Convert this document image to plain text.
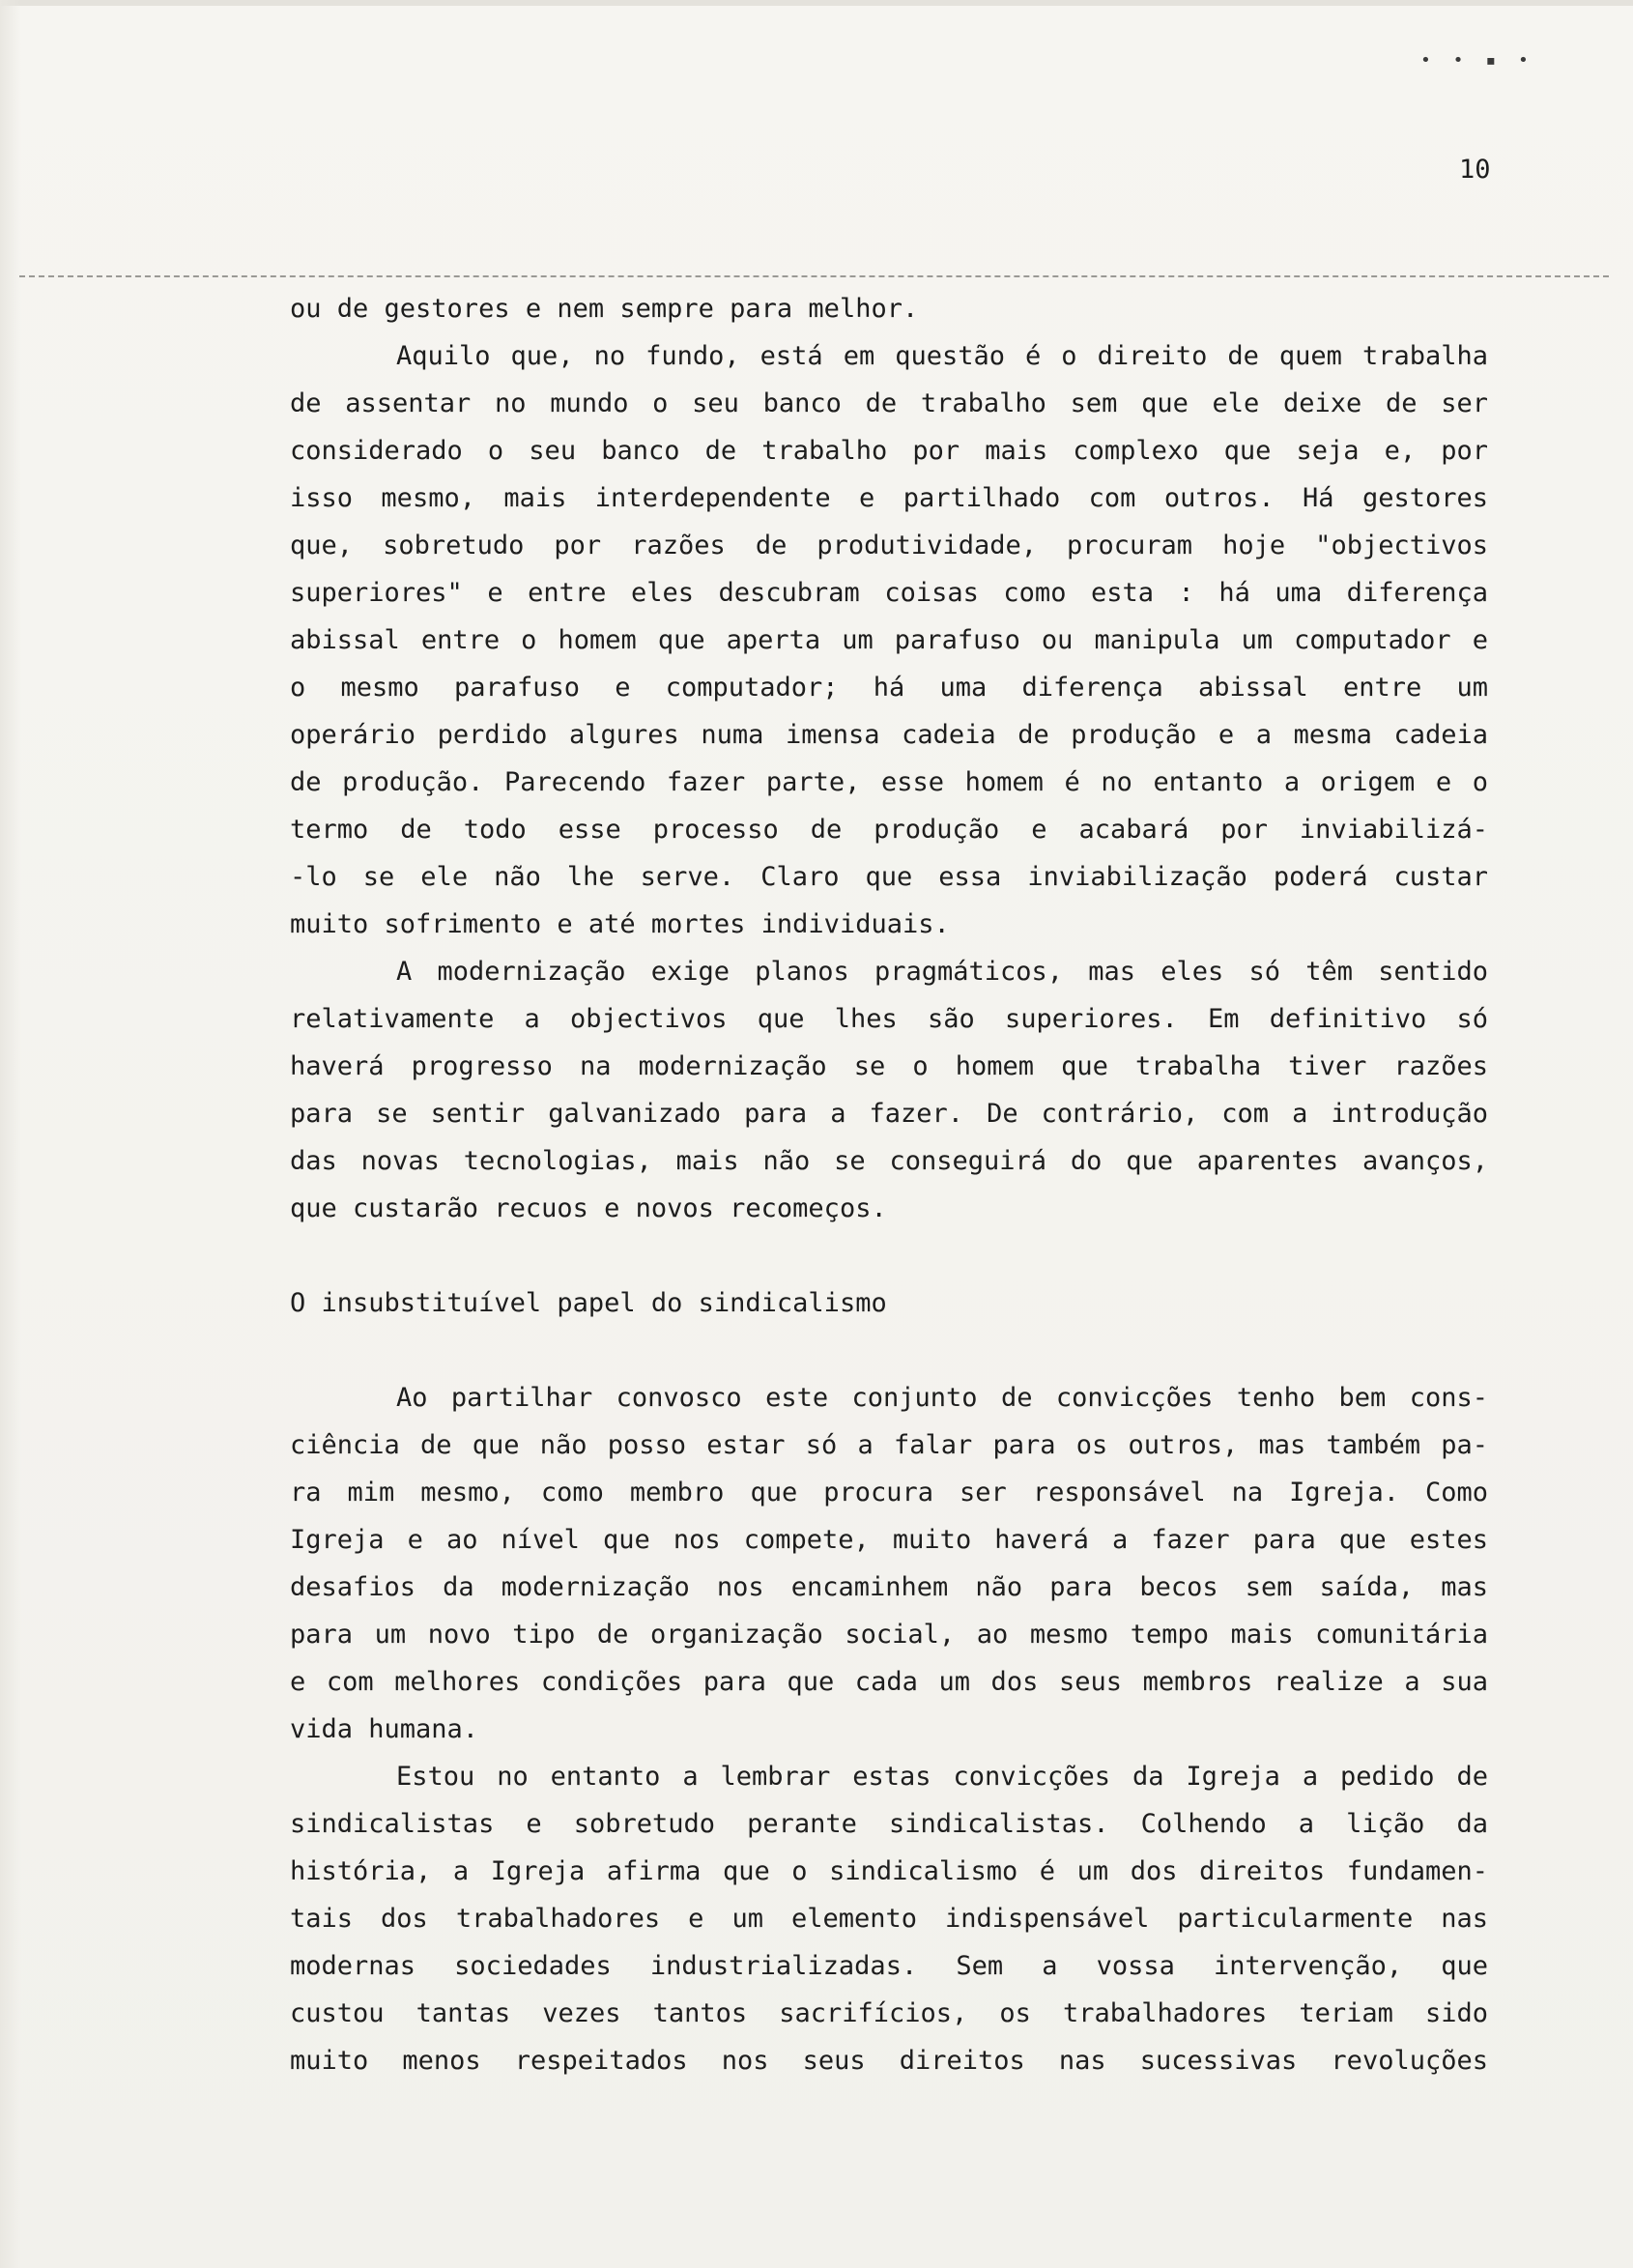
• • ▪ •
10
ou de gestores e nem sempre para melhor.
Aquilo que, no fundo, está em questão é o direito de quem trabalha
de assentar no mundo o seu banco de trabalho sem que ele deixe de ser
considerado o seu banco de trabalho por mais complexo que seja e, por
isso mesmo, mais interdependente e partilhado com outros. Há gestores
que, sobretudo por razões de produtividade, procuram hoje "objectivos
superiores" e entre eles descubram coisas como esta : há uma diferença
abissal entre o homem que aperta um parafuso ou manipula um computador e
o mesmo parafuso e computador; há uma diferença abissal entre um
operário perdido algures numa imensa cadeia de produção e a mesma cadeia
de produção. Parecendo fazer parte, esse homem é no entanto a origem e o
termo de todo esse processo de produção e acabará por inviabilizá-
-lo se ele não lhe serve. Claro que essa inviabilização poderá custar
muito sofrimento e até mortes individuais.
A modernização exige planos pragmáticos, mas eles só têm sentido
relativamente a objectivos que lhes são superiores. Em definitivo só
haverá progresso na modernização se o homem que trabalha tiver razões
para se sentir galvanizado para a fazer. De contrário, com a introdução
das novas tecnologias, mais não se conseguirá do que aparentes avanços,
que custarão recuos e novos recomeços.
O insubstituível papel do sindicalismo
Ao partilhar convosco este conjunto de convicções tenho bem cons-
ciência de que não posso estar só a falar para os outros, mas também pa-
ra mim mesmo, como membro que procura ser responsável na Igreja. Como
Igreja e ao nível que nos compete, muito haverá a fazer para que estes
desafios da modernização nos encaminhem não para becos sem saída, mas
para um novo tipo de organização social, ao mesmo tempo mais comunitária
e com melhores condições para que cada um dos seus membros realize a sua
vida humana.
Estou no entanto a lembrar estas convicções da Igreja a pedido de
sindicalistas e sobretudo perante sindicalistas. Colhendo a lição da
história, a Igreja afirma que o sindicalismo é um dos direitos fundamen-
tais dos trabalhadores e um elemento indispensável particularmente nas
modernas sociedades industrializadas. Sem a vossa intervenção, que
custou tantas vezes tantos sacrifícios, os trabalhadores teriam sido
muito menos respeitados nos seus direitos nas sucessivas revoluções
